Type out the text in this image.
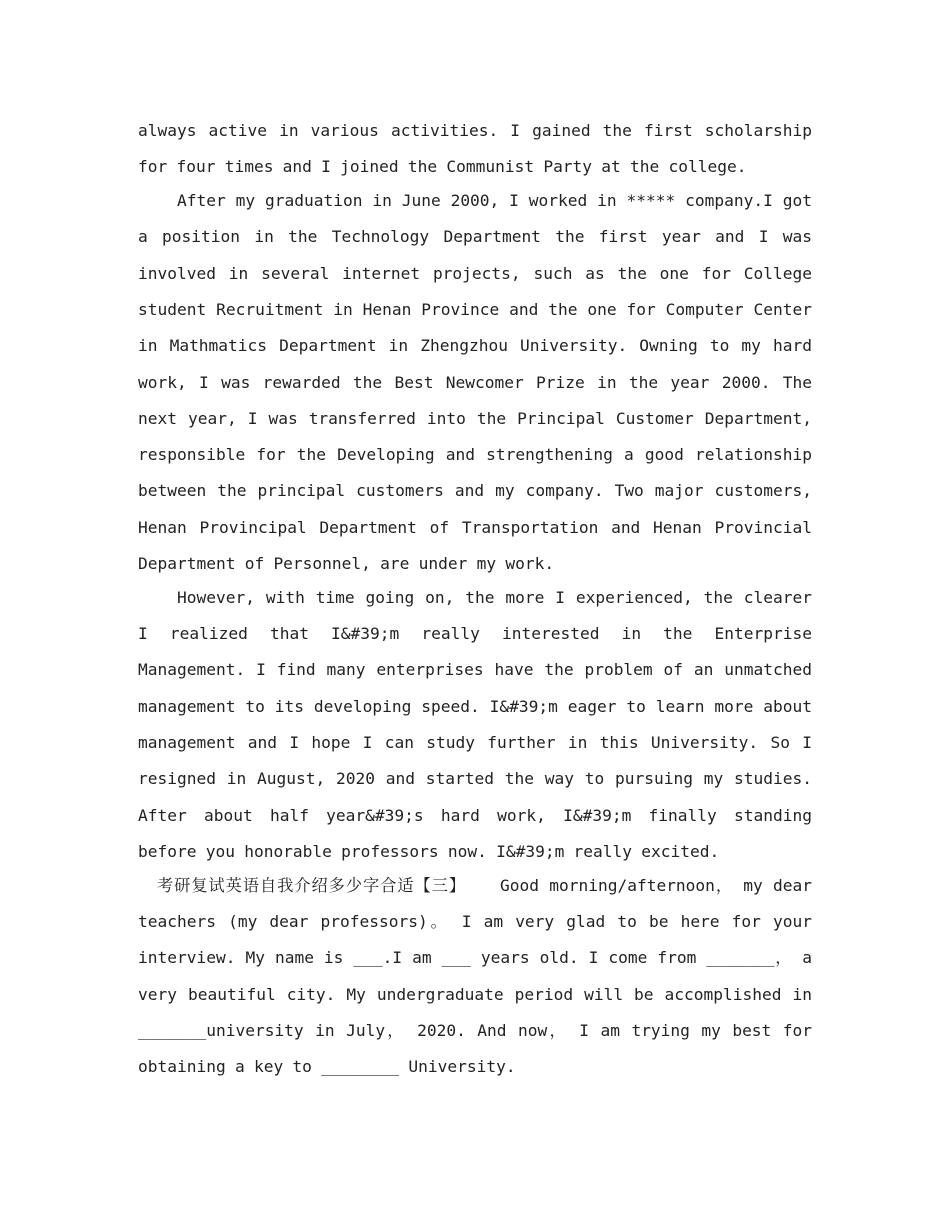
always active in various activities. I gained the first scholarship for four times and I joined the Communist Party at the college.

After my graduation in June 2000, I worked in ***** company.I got a position in the Technology Department the first year and I was involved in several internet projects, such as the one for College student Recruitment in Henan Province and the one for Computer Center in Mathmatics Department in Zhengzhou University. Owning to my hard work, I was rewarded the Best Newcomer Prize in the year 2000. The next year, I was transferred into the Principal Customer Department, responsible for the Developing and strengthening a good relationship between the principal customers and my company. Two major customers, Henan Provincipal Department of Transportation and Henan Provincial Department of Personnel, are under my work.

However, with time going on, the more I experienced, the clearer I realized that I&#39;m really interested in the Enterprise Management. I find many enterprises have the problem of an unmatched management to its developing speed. I&#39;m eager to learn more about management and I hope I can study further in this University. So I resigned in August, 2020 and started the way to pursuing my studies. After about half year&#39;s hard work, I&#39;m finally standing before you honorable professors now. I&#39;m really excited.

考研复试英语自我介绍多少字合适【三】 Good morning/afternoon， my dear teachers (my dear professors)。 I am very glad to be here for your interview. My name is ___.I am ___ years old. I come from _______， a very beautiful city. My undergraduate period will be accomplished in _______university in July， 2020. And now， I am trying my best for obtaining a key to ________ University.
